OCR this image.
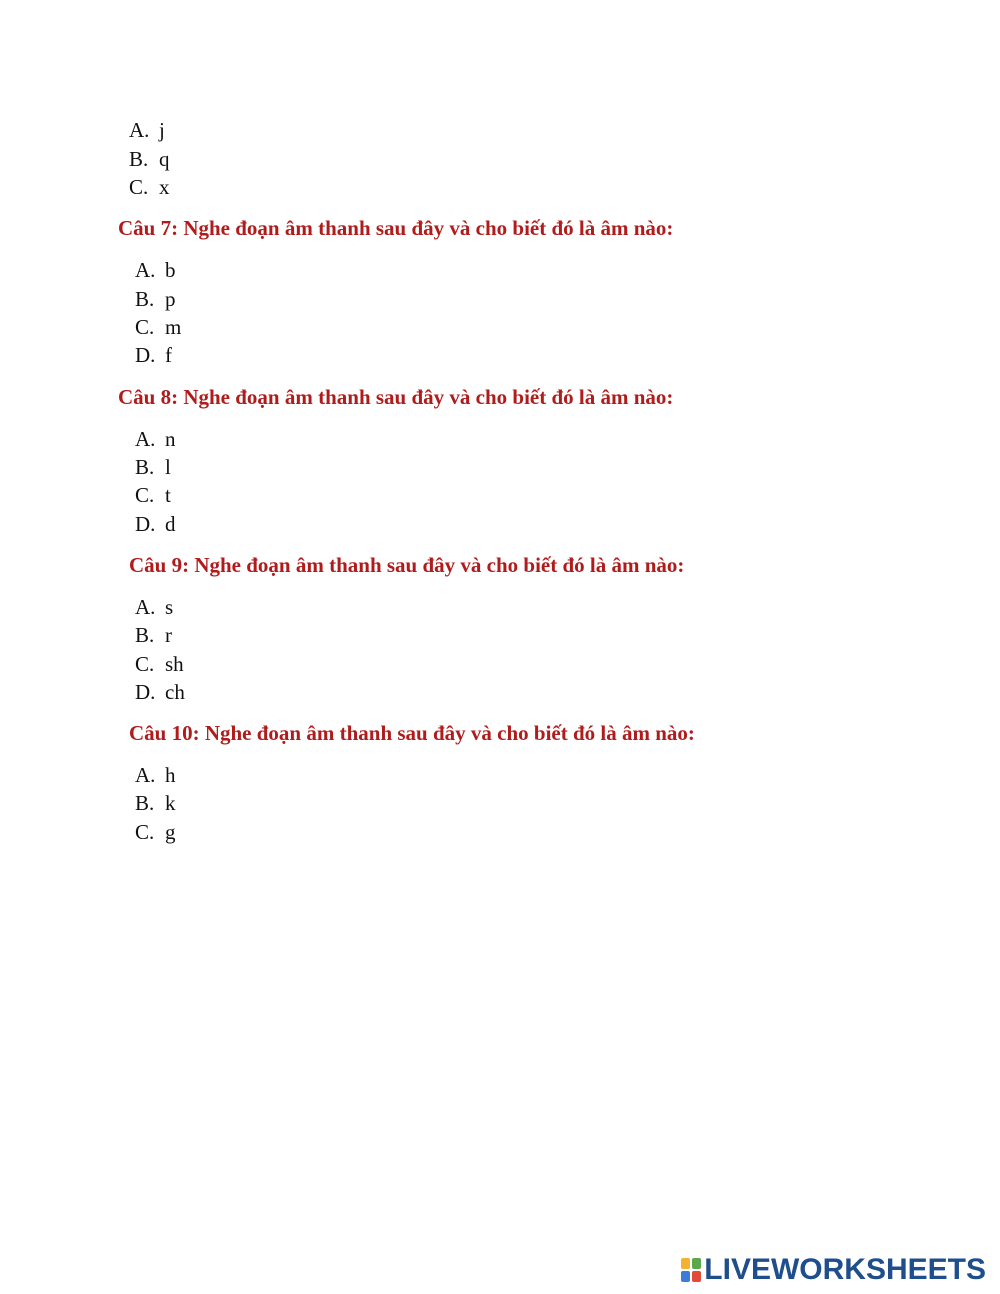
A. j
B. q
C. x
Câu 7: Nghe đoạn âm thanh sau đây và cho biết đó là âm nào:
A. b
B. p
C. m
D. f
Câu 8: Nghe đoạn âm thanh sau đây và cho biết đó là âm nào:
A. n
B. l
C. t
D. d
Câu 9: Nghe đoạn âm thanh sau đây và cho biết đó là âm nào:
A. s
B. r
C. sh
D. ch
Câu 10: Nghe đoạn âm thanh sau đây và cho biết đó là âm nào:
A. h
B. k
C. g
LIVEWORKSHEETS
